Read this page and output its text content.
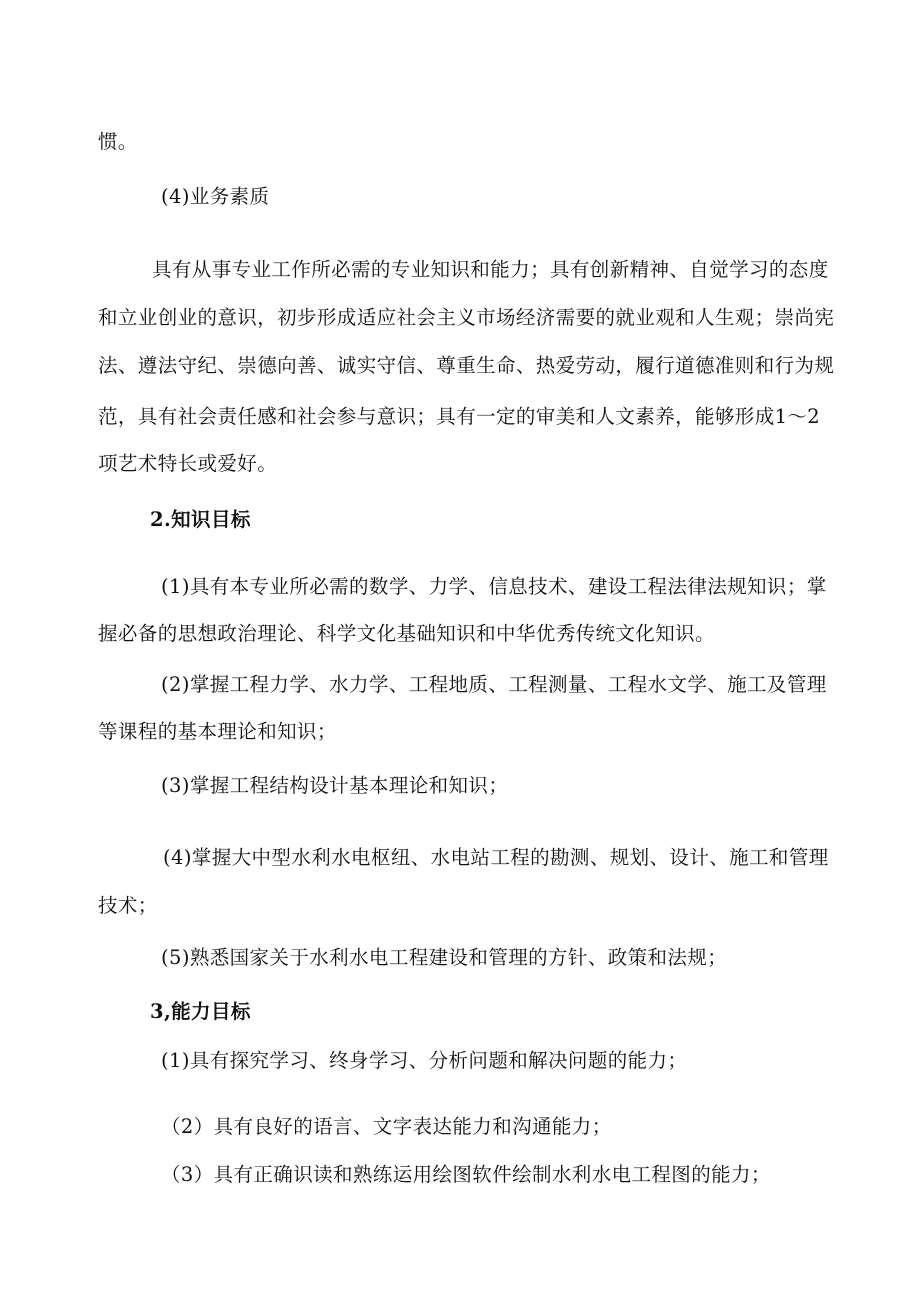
惯。
(4)业务素质
具有从事专业工作所必需的专业知识和能力；具有创新精神、自觉学习的态度
和立业创业的意识，初步形成适应社会主义市场经济需要的就业观和人生观；崇尚宪
法、遵法守纪、崇德向善、诚实守信、尊重生命、热爱劳动，履行道德准则和行为规
范，具有社会责任感和社会参与意识；具有一定的审美和人文素养，能够形成1～2
项艺术特长或爱好。
2.知识目标
(1)具有本专业所必需的数学、力学、信息技术、建设工程法律法规知识；掌
握必备的思想政治理论、科学文化基础知识和中华优秀传统文化知识。
(2)掌握工程力学、水力学、工程地质、工程测量、工程水文学、施工及管理
等课程的基本理论和知识；
(3)掌握工程结构设计基本理论和知识；
(4)掌握大中型水利水电枢纽、水电站工程的勘测、规划、设计、施工和管理
技术；
(5)熟悉国家关于水利水电工程建设和管理的方针、政策和法规；
3,能力目标
(1)具有探究学习、终身学习、分析问题和解决问题的能力；
（2）具有良好的语言、文字表达能力和沟通能力；
（3）具有正确识读和熟练运用绘图软件绘制水利水电工程图的能力；
